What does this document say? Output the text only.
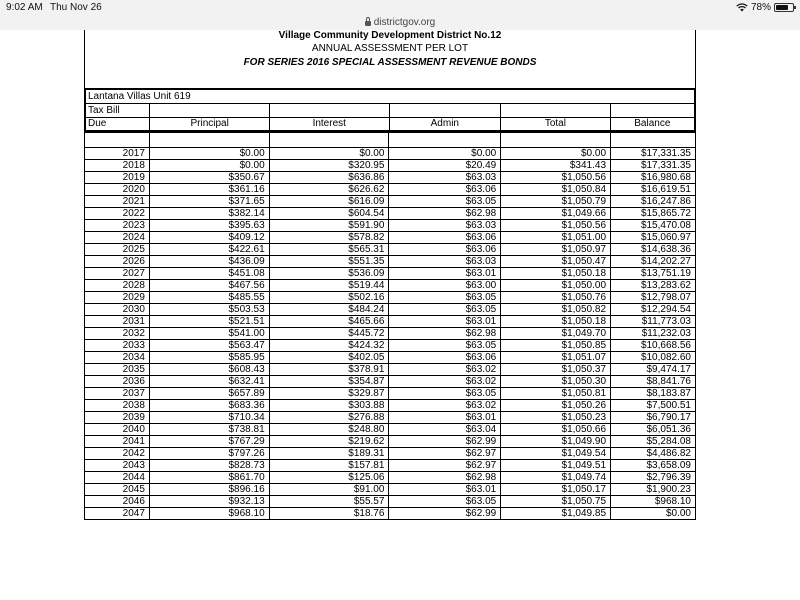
9:02 AM Thu Nov 26	78%
districtgov.org
Village Community Development District No.12
ANNUAL ASSESSMENT PER LOT
FOR SERIES 2016 SPECIAL ASSESSMENT REVENUE BONDS
Lantana Villas Unit 619					
Tax Bill					
Due	Principal	Interest	Admin	Total	Balance

2017	$0.00	$0.00	$0.00	$0.00	$17,331.35
2018	$0.00	$320.95	$20.49	$341.43	$17,331.35
2019	$350.67	$636.86	$63.03	$1,050.56	$16,980.68
2020	$361.16	$626.62	$63.06	$1,050.84	$16,619.51
2021	$371.65	$616.09	$63.05	$1,050.79	$16,247.86
2022	$382.14	$604.54	$62.98	$1,049.66	$15,865.72
2023	$395.63	$591.90	$63.03	$1,050.56	$15,470.08
2024	$409.12	$578.82	$63.06	$1,051.00	$15,060.97
2025	$422.61	$565.31	$63.06	$1,050.97	$14,638.36
2026	$436.09	$551.35	$63.03	$1,050.47	$14,202.27
2027	$451.08	$536.09	$63.01	$1,050.18	$13,751.19
2028	$467.56	$519.44	$63.00	$1,050.00	$13,283.62
2029	$485.55	$502.16	$63.05	$1,050.76	$12,798.07
2030	$503.53	$484.24	$63.05	$1,050.82	$12,294.54
2031	$521.51	$465.66	$63.01	$1,050.18	$11,773.03
2032	$541.00	$445.72	$62.98	$1,049.70	$11,232.03
2033	$563.47	$424.32	$63.05	$1,050.85	$10,668.56
2034	$585.95	$402.05	$63.06	$1,051.07	$10,082.60
2035	$608.43	$378.91	$63.02	$1,050.37	$9,474.17
2036	$632.41	$354.87	$63.02	$1,050.30	$8,841.76
2037	$657.89	$329.87	$63.05	$1,050.81	$8,183.87
2038	$683.36	$303.88	$63.02	$1,050.26	$7,500.51
2039	$710.34	$276.88	$63.01	$1,050.23	$6,790.17
2040	$738.81	$248.80	$63.04	$1,050.66	$6,051.36
2041	$767.29	$219.62	$62.99	$1,049.90	$5,284.08
2042	$797.26	$189.31	$62.97	$1,049.54	$4,486.82
2043	$828.73	$157.81	$62.97	$1,049.51	$3,658.09
2044	$861.70	$125.06	$62.98	$1,049.74	$2,796.39
2045	$896.16	$91.00	$63.01	$1,050.17	$1,900.23
2046	$932.13	$55.57	$63.05	$1,050.75	$968.10
2047	$968.10	$18.76	$62.99	$1,049.85	$0.00
